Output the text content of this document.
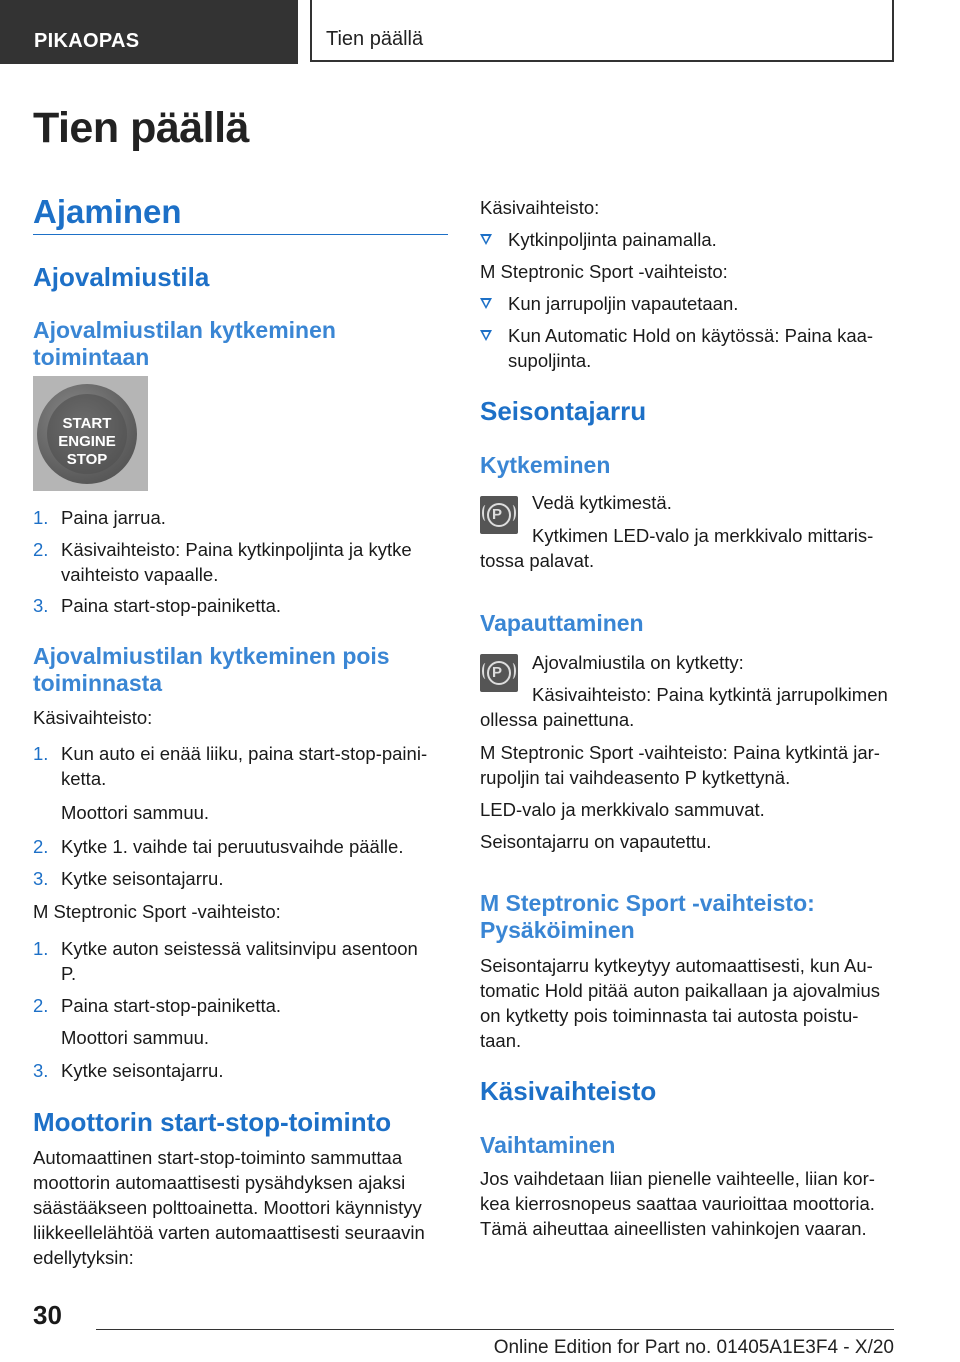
PIKAOPAS	Tien päällä
Tien päällä
Ajaminen
Ajovalmiustila
Ajovalmiustilan kytkeminen
toimintaan
START
ENGINE
STOP
1. Paina jarrua.
2. Käsivaihteisto: Paina kytkinpoljinta ja kytke
vaihteisto vapaalle.
3. Paina start-stop-painiketta.
Ajovalmiustilan kytkeminen pois
toiminnasta

Käsivaihteisto:

1. Kun auto ei enää liiku, paina start-stop-paini-
ketta.
Moottori sammuu.
2. Kytke 1. vaihde tai peruutusvaihde päälle.
3. Kytke seisontajarru.

M Steptronic Sport -vaihteisto:

1. Kytke auton seistessä valitsinvipu asentoon
P.
2. Paina start-stop-painiketta.
Moottori sammuu.
3. Kytke seisontajarru.
Moottorin start-stop-toiminto

Automaattinen start-stop-toiminto sammuttaa

moottorin automaattisesti pysähdyksen ajaksi

säästääkseen polttoainetta. Moottori käynnistyy

liikkeellelähtöä varten automaattisesti seuraavin

edellytyksin:

Käsivaihteisto:

Kytkinpoljinta painamalla.

M Steptronic Sport -vaihteisto:

Kun jarrupoljin vapautetaan.
Kun Automatic Hold on käytössä: Paina kaa-
supoljinta.
Seisontajarru
Kytkeminen
P

Vedä kytkimestä.

Kytkimen LED-valo ja merkkivalo mittaris-

tossa palavat.

Vapauttaminen
P Ajovalmiustila on kytketty:

Käsivaihteisto: Paina kytkintä jarrupolkimen

ollessa painettuna.

M Steptronic Sport -vaihteisto: Paina kytkintä jar-

rupoljin tai vaihdeasento P kytkettynä.

LED-valo ja merkkivalo sammuvat.

Seisontajarru on vapautettu.

M Steptronic Sport -vaihteisto:
Pysäköiminen

Seisontajarru kytkeytyy automaattisesti, kun Au-

tomatic Hold pitää auton paikallaan ja ajovalmius

on kytketty pois toiminnasta tai autosta poistu-

taan.

Käsivaihteisto
Vaihtaminen

Jos vaihdetaan liian pienelle vaihteelle, liian kor-

kea kierrosnopeus saattaa vaurioittaa moottoria.

Tämä aiheuttaa aineellisten vahinkojen vaaran.

30
Online Edition for Part no. 01405A1E3F4 - X/20
